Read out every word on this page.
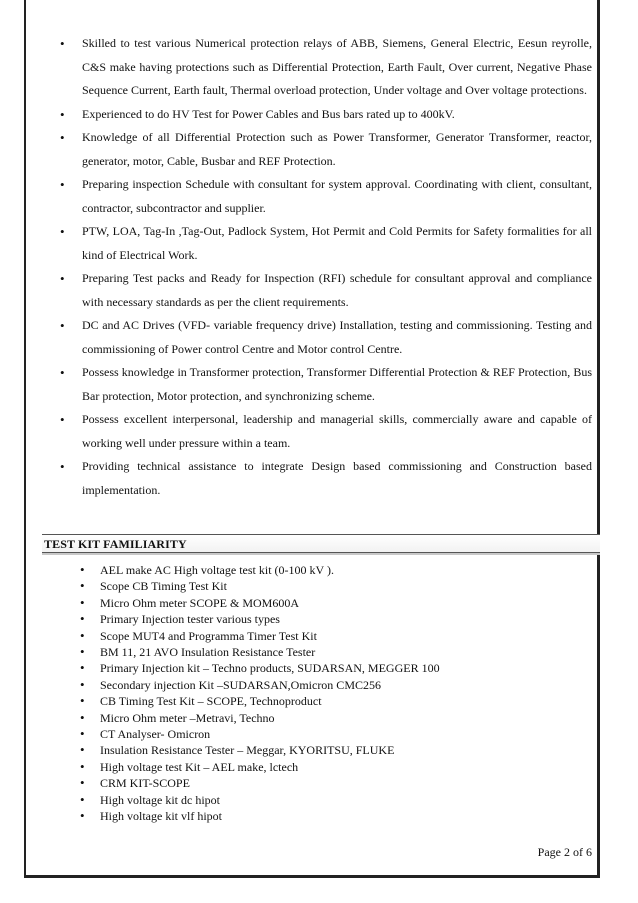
• Skilled to test various Numerical protection relays of ABB, Siemens, General Electric, Eesun reyrolle, C&S make having protections such as Differential Protection, Earth Fault, Over current, Negative Phase Sequence Current, Earth fault, Thermal overload protection, Under voltage and Over voltage protections.
• Experienced to do HV Test for Power Cables and Bus bars rated up to 400kV.
• Knowledge of all Differential Protection such as Power Transformer, Generator Transformer, reactor, generator, motor, Cable, Busbar and REF Protection.
• Preparing inspection Schedule with consultant for system approval. Coordinating with client, consultant, contractor, subcontractor and supplier.
• PTW, LOA, Tag-In ,Tag-Out, Padlock System, Hot Permit and Cold Permits for Safety formalities for all kind of Electrical Work.
• Preparing Test packs and Ready for Inspection (RFI) schedule for consultant approval and compliance with necessary standards as per the client requirements.
• DC and AC Drives (VFD- variable frequency drive) Installation, testing and commissioning. Testing and commissioning of Power control Centre and Motor control Centre.
• Possess knowledge in Transformer protection, Transformer Differential Protection & REF Protection, Bus Bar protection, Motor protection, and synchronizing scheme.
• Possess excellent interpersonal, leadership and managerial skills, commercially aware and capable of working well under pressure within a team.
• Providing technical assistance to integrate Design based commissioning and Construction based implementation.
TEST KIT FAMILIARITY
• AEL make AC High voltage test kit (0-100 kV ).
• Scope CB Timing Test Kit
• Micro Ohm meter SCOPE & MOM600A
• Primary Injection tester various types
• Scope MUT4 and Programma Timer Test Kit
• BM 11, 21 AVO Insulation Resistance Tester
• Primary Injection kit – Techno products, SUDARSAN, MEGGER 100
• Secondary injection Kit –SUDARSAN,Omicron CMC256
• CB Timing Test Kit – SCOPE, Technoproduct
• Micro Ohm meter –Metravi, Techno
• CT Analyser- Omicron
• Insulation Resistance Tester – Meggar, KYORITSU, FLUKE
• High voltage test Kit – AEL make, lctech
• CRM KIT-SCOPE
• High voltage kit dc hipot
• High voltage kit vlf hipot
Page 2 of 6
